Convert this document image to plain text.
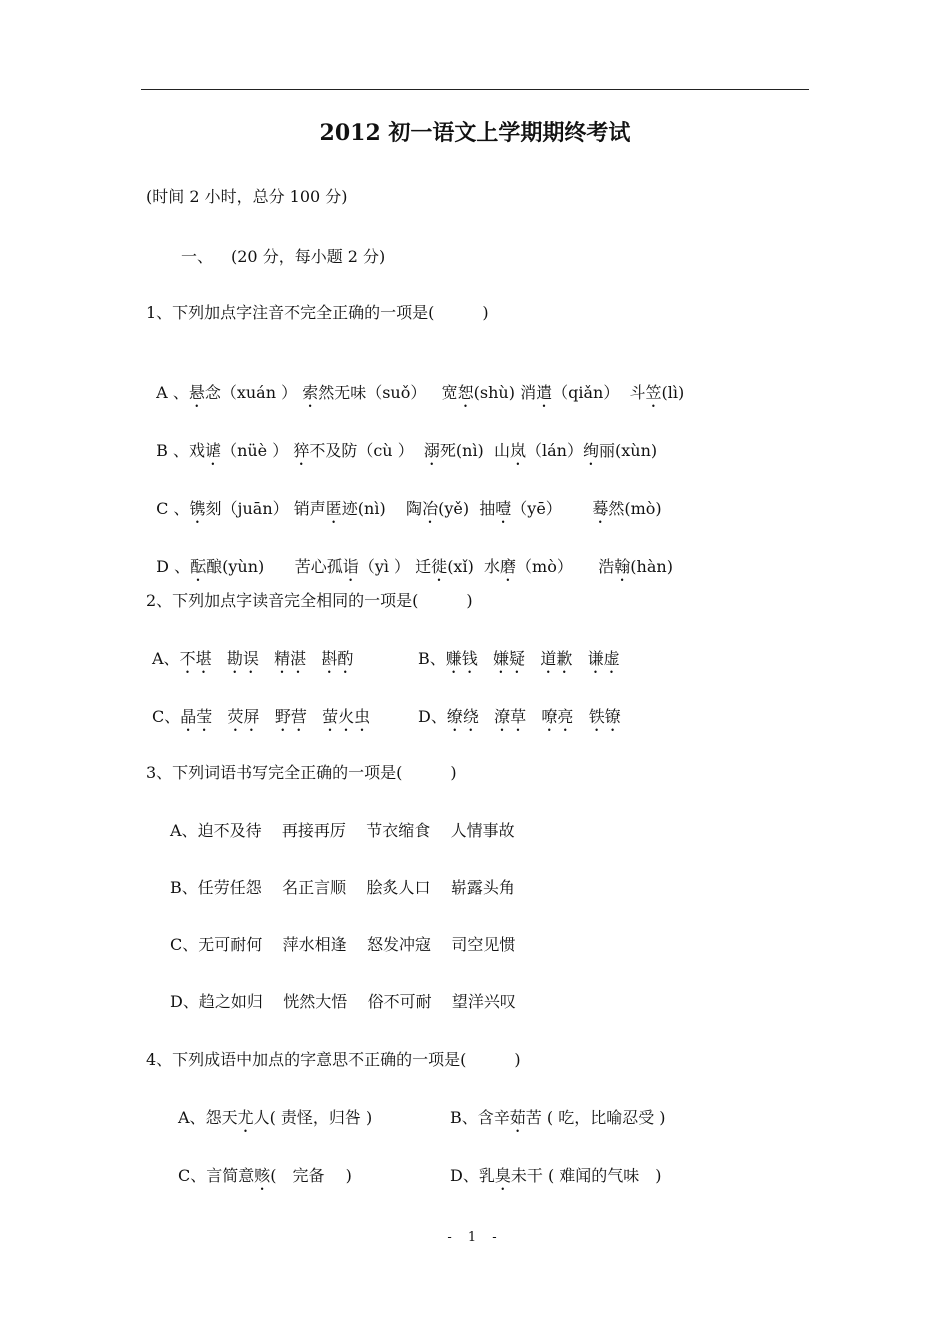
2012 初一语文上学期期终考试
(时间 2 小时，总分 100 分)
一、 (20 分，每小题 2 分)
1、下列加点字注音不完全正确的一项是(　　　)

A 、悬念（xuán ） 索然无味（suǒ） 宽恕(shù) 消遣（qiǎn） 斗笠(lì)

B 、戏谑（nüè ） 猝不及防（cù ） 溺死(nì) 山岚（lán）绚丽(xùn)

C 、镌刻（juān） 销声匿迹(nì) 陶冶(yě) 抽噎（yē） 蓦然(mò)

D 、酝酿(yùn) 苦心孤诣（yì ） 迁徙(xǐ) 水磨（mò） 浩翰(hàn)

2、下列加点字读音完全相同的一项是(　　　)
A、不堪 勘误 精湛 斟酌	B、赚钱 嫌疑 道歉 谦虚
C、晶莹 荧屏 野营 萤火虫	D、缭绕 潦草 嘹亮 铁镣
3、下列词语书写完全正确的一项是(　　　)
A、迫不及待 再接再厉 节衣缩食 人情事故
B、任劳任怨 名正言顺 脍炙人口 崭露头角
C、无可耐何 萍水相逢 怒发冲寇 司空见惯
D、趋之如归 恍然大悟 俗不可耐 望洋兴叹
4、下列成语中加点的字意思不正确的一项是(　　　)
A、怨天尤人( 责怪，归咎 )	B、含辛茹苦 ( 吃，比喻忍受 )
C、言简意赅(　完备　 )	D、乳臭未干 ( 难闻的气味　)
- 1 -
